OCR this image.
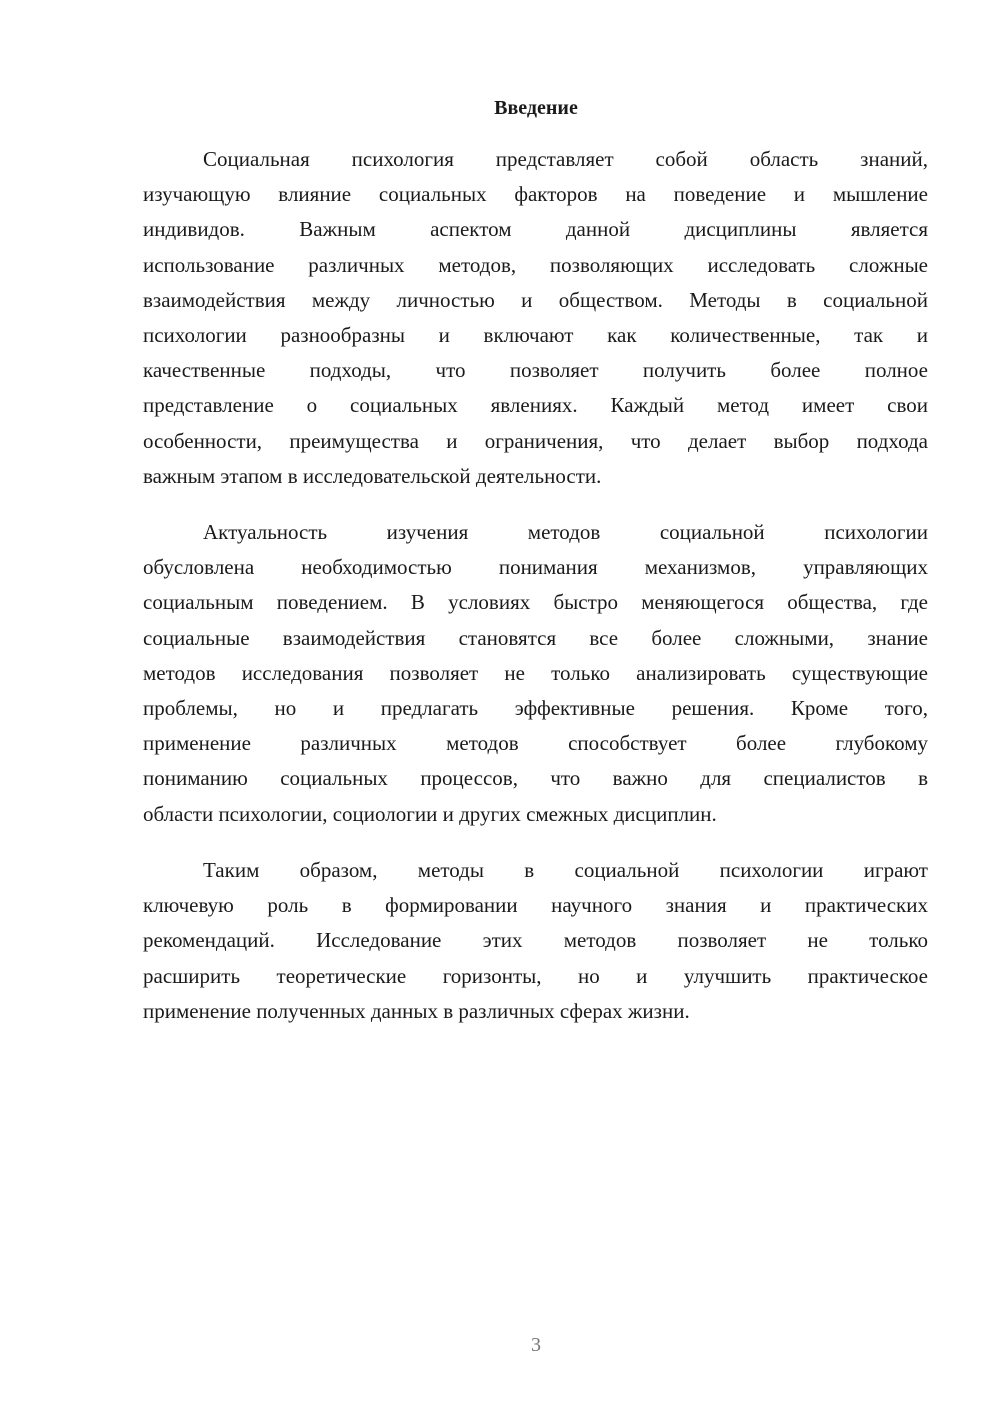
Введение
Социальная психология представляет собой область знаний,
изучающую влияние социальных факторов на поведение и мышление
индивидов. Важным аспектом данной дисциплины является
использование различных методов, позволяющих исследовать сложные
взаимодействия между личностью и обществом. Методы в социальной
психологии разнообразны и включают как количественные, так и
качественные подходы, что позволяет получить более полное
представление о социальных явлениях. Каждый метод имеет свои
особенности, преимущества и ограничения, что делает выбор подхода
важным этапом в исследовательской деятельности.
Актуальность изучения методов социальной психологии
обусловлена необходимостью понимания механизмов, управляющих
социальным поведением. В условиях быстро меняющегося общества, где
социальные взаимодействия становятся все более сложными, знание
методов исследования позволяет не только анализировать существующие
проблемы, но и предлагать эффективные решения. Кроме того,
применение различных методов способствует более глубокому
пониманию социальных процессов, что важно для специалистов в
области психологии, социологии и других смежных дисциплин.
Таким образом, методы в социальной психологии играют
ключевую роль в формировании научного знания и практических
рекомендаций. Исследование этих методов позволяет не только
расширить теоретические горизонты, но и улучшить практическое
применение полученных данных в различных сферах жизни.
3
